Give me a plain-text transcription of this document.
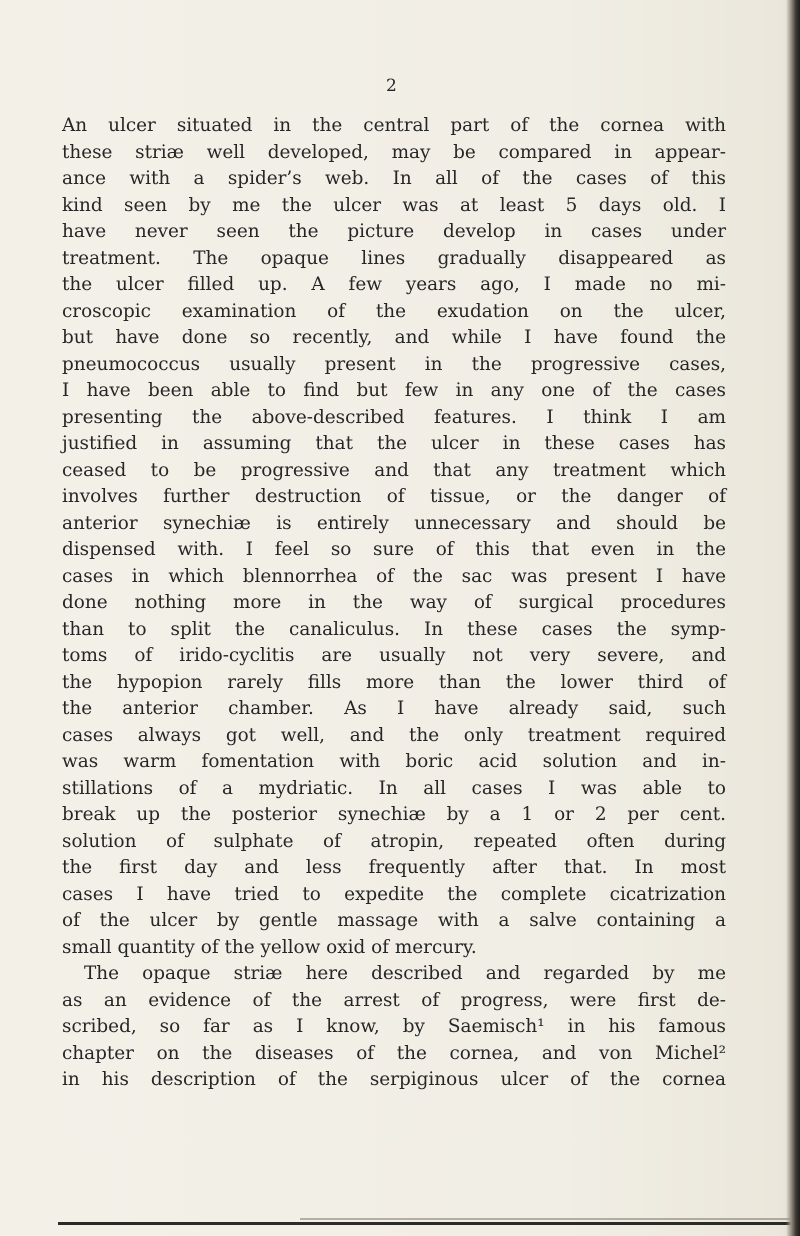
2
An ulcer situated in the central part of the cornea with
these striæ well developed, may be compared in appear-
ance with a spider’s web. In all of the cases of this
kind seen by me the ulcer was at least 5 days old. I
have never seen the picture develop in cases under
treatment. The opaque lines gradually disappeared as
the ulcer filled up. A few years ago, I made no mi-
croscopic examination of the exudation on the ulcer,
but have done so recently, and while I have found the
pneumococcus usually present in the progressive cases,
I have been able to find but few in any one of the cases
presenting the above-described features. I think I am
justified in assuming that the ulcer in these cases has
ceased to be progressive and that any treatment which
involves further destruction of tissue, or the danger of
anterior synechiæ is entirely unnecessary and should be
dispensed with. I feel so sure of this that even in the
cases in which blennorrhea of the sac was present I have
done nothing more in the way of surgical procedures
than to split the canaliculus. In these cases the symp-
toms of irido-cyclitis are usually not very severe, and
the hypopion rarely fills more than the lower third of
the anterior chamber. As I have already said, such
cases always got well, and the only treatment required
was warm fomentation with boric acid solution and in-
stillations of a mydriatic. In all cases I was able to
break up the posterior synechiæ by a 1 or 2 per cent.
solution of sulphate of atropin, repeated often during
the first day and less frequently after that. In most
cases I have tried to expedite the complete cicatrization
of the ulcer by gentle massage with a salve containing a
small quantity of the yellow oxid of mercury.
The opaque striæ here described and regarded by me
as an evidence of the arrest of progress, were first de-
scribed, so far as I know, by Saemisch¹ in his famous
chapter on the diseases of the cornea, and von Michel²
in his description of the serpiginous ulcer of the cornea
